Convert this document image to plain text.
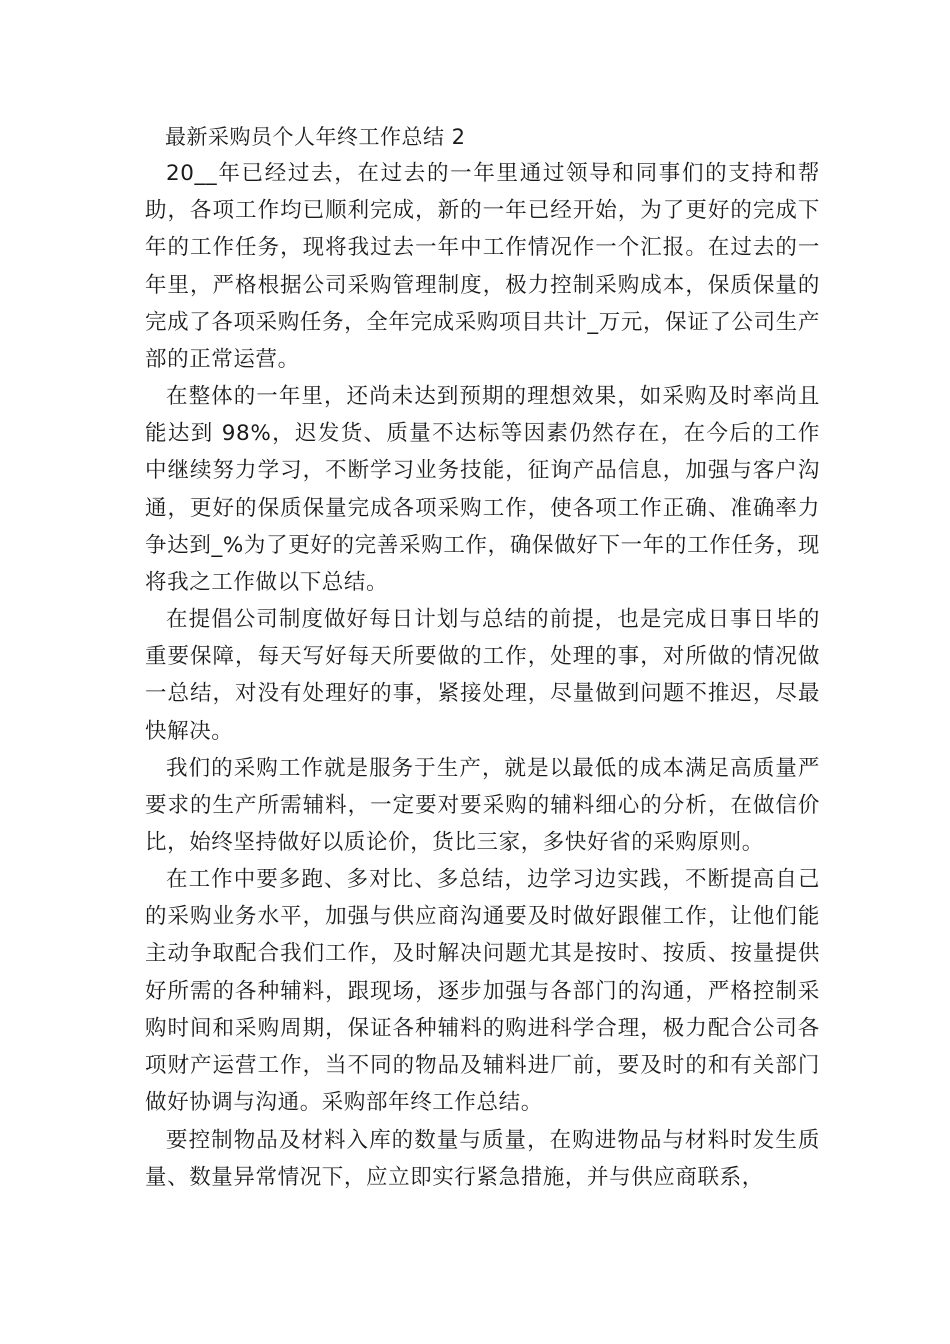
最新采购员个人年终工作总结 2

20__年已经过去，在过去的一年里通过领导和同事们的支持和帮助，各项工作均已顺利完成，新的一年已经开始，为了更好的完成下年的工作任务，现将我过去一年中工作情况作一个汇报。在过去的一年里，严格根据公司采购管理制度，极力控制采购成本，保质保量的完成了各项采购任务，全年完成采购项目共计_万元，保证了公司生产部的正常运营。

在整体的一年里，还尚未达到预期的理想效果，如采购及时率尚且能达到 98%，迟发货、质量不达标等因素仍然存在，在今后的工作中继续努力学习，不断学习业务技能，征询产品信息，加强与客户沟通，更好的保质保量完成各项采购工作，使各项工作正确、准确率力争达到_%为了更好的完善采购工作，确保做好下一年的工作任务，现将我之工作做以下总结。

在提倡公司制度做好每日计划与总结的前提，也是完成日事日毕的重要保障，每天写好每天所要做的工作，处理的事，对所做的情况做一总结，对没有处理好的事，紧接处理，尽量做到问题不推迟，尽最快解决。

我们的采购工作就是服务于生产，就是以最低的成本满足高质量严要求的生产所需辅料，一定要对要采购的辅料细心的分析，在做信价比，始终坚持做好以质论价，货比三家，多快好省的采购原则。

在工作中要多跑、多对比、多总结，边学习边实践，不断提高自己的采购业务水平，加强与供应商沟通要及时做好跟催工作，让他们能主动争取配合我们工作，及时解决问题尤其是按时、按质、按量提供好所需的各种辅料，跟现场，逐步加强与各部门的沟通，严格控制采购时间和采购周期，保证各种辅料的购进科学合理，极力配合公司各项财产运营工作，当不同的物品及辅料进厂前，要及时的和有关部门做好协调与沟通。采购部年终工作总结。

要控制物品及材料入库的数量与质量，在购进物品与材料时发生质量、数量异常情况下，应立即实行紧急措施，并与供应商联系，
